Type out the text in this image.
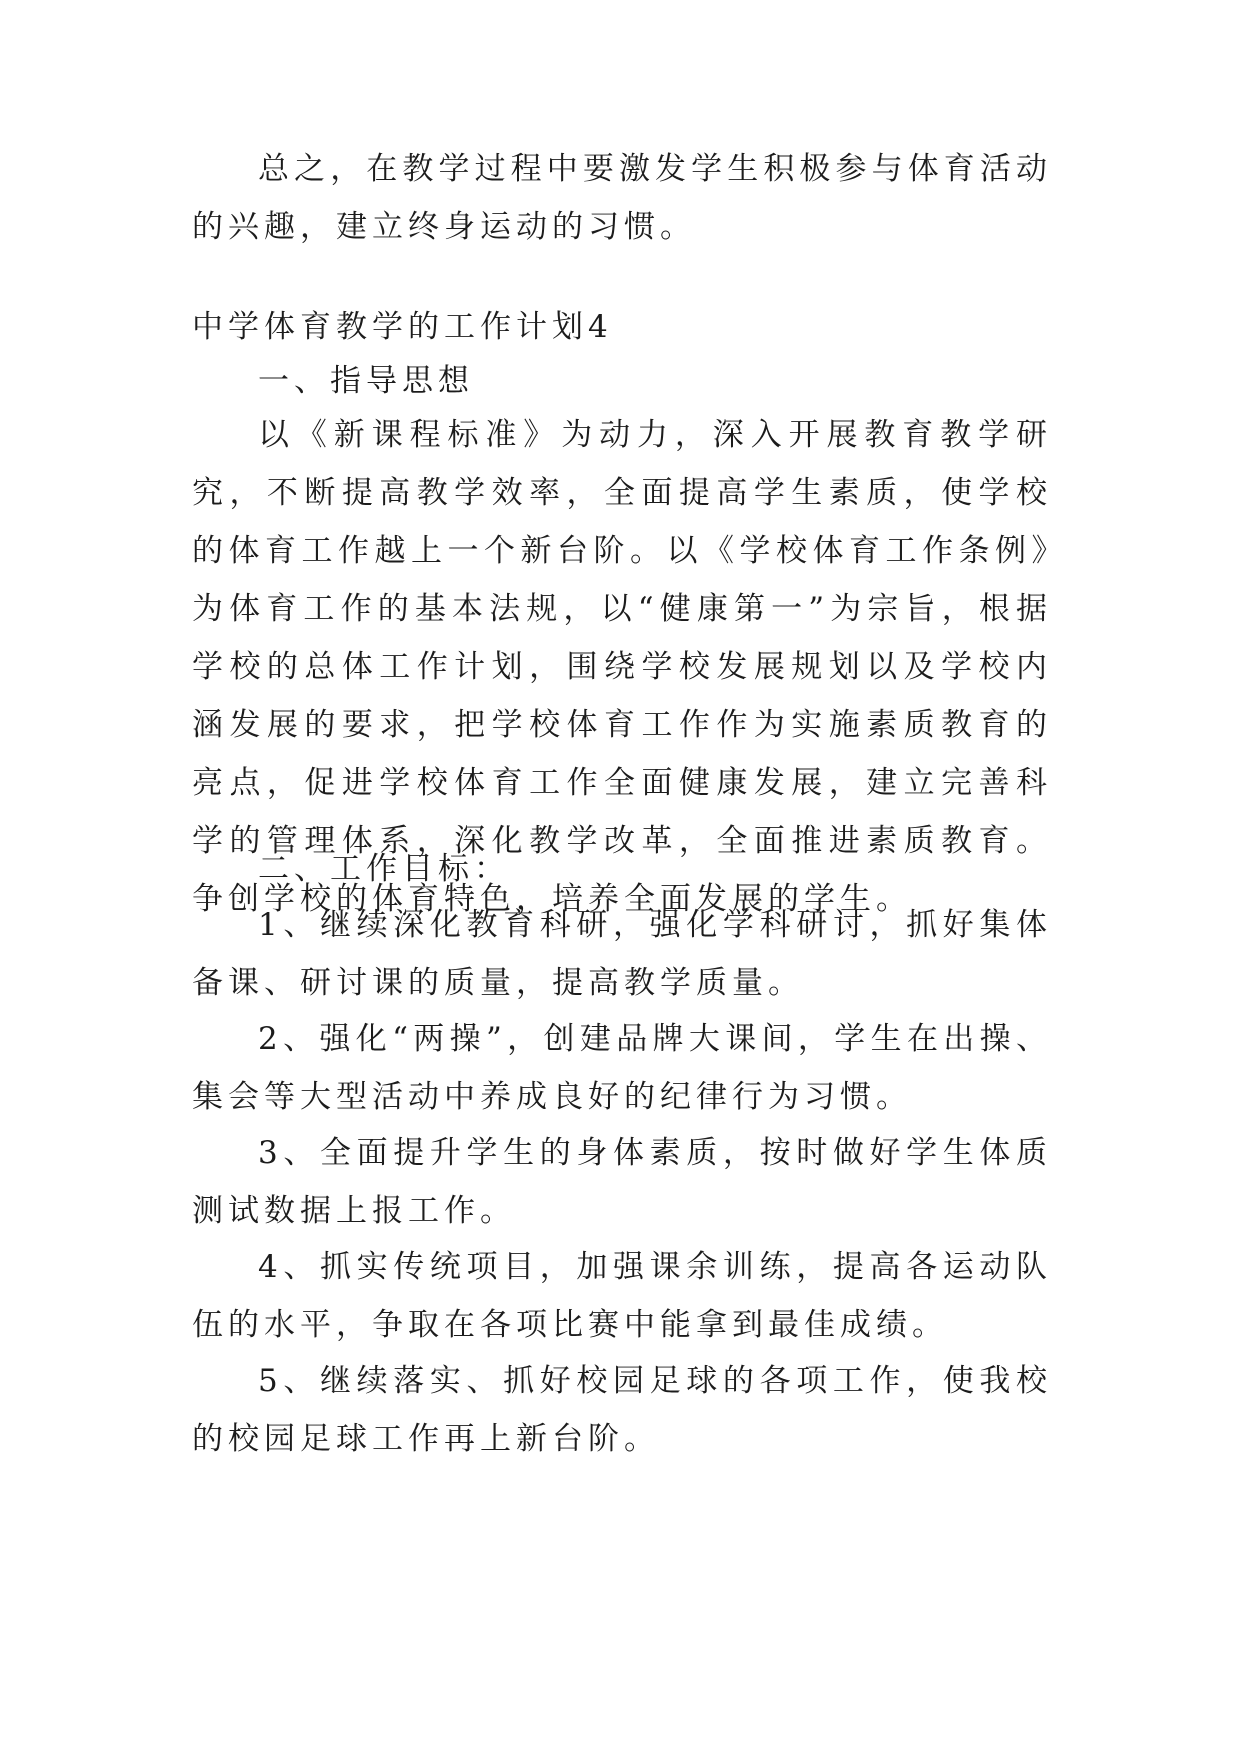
总之，在教学过程中要激发学生积极参与体育活动的兴趣，建立终身运动的习惯。

中学体育教学的工作计划4

一、指导思想

以《新课程标准》为动力，深入开展教育教学研究，不断提高教学效率，全面提高学生素质，使学校的体育工作越上一个新台阶。以《学校体育工作条例》为体育工作的基本法规，以“健康第一”为宗旨，根据学校的总体工作计划，围绕学校发展规划以及学校内涵发展的要求，把学校体育工作作为实施素质教育的亮点，促进学校体育工作全面健康发展，建立完善科学的管理体系，深化教学改革，全面推进素质教育。争创学校的体育特色，培养全面发展的学生。

二、工作目标：

1、继续深化教育科研，强化学科研讨，抓好集体备课、研讨课的质量，提高教学质量。

2、强化“两操”，创建品牌大课间，学生在出操、集会等大型活动中养成良好的纪律行为习惯。

3、全面提升学生的身体素质，按时做好学生体质测试数据上报工作。

4、抓实传统项目，加强课余训练，提高各运动队伍的水平，争取在各项比赛中能拿到最佳成绩。

5、继续落实、抓好校园足球的各项工作，使我校的校园足球工作再上新台阶。
